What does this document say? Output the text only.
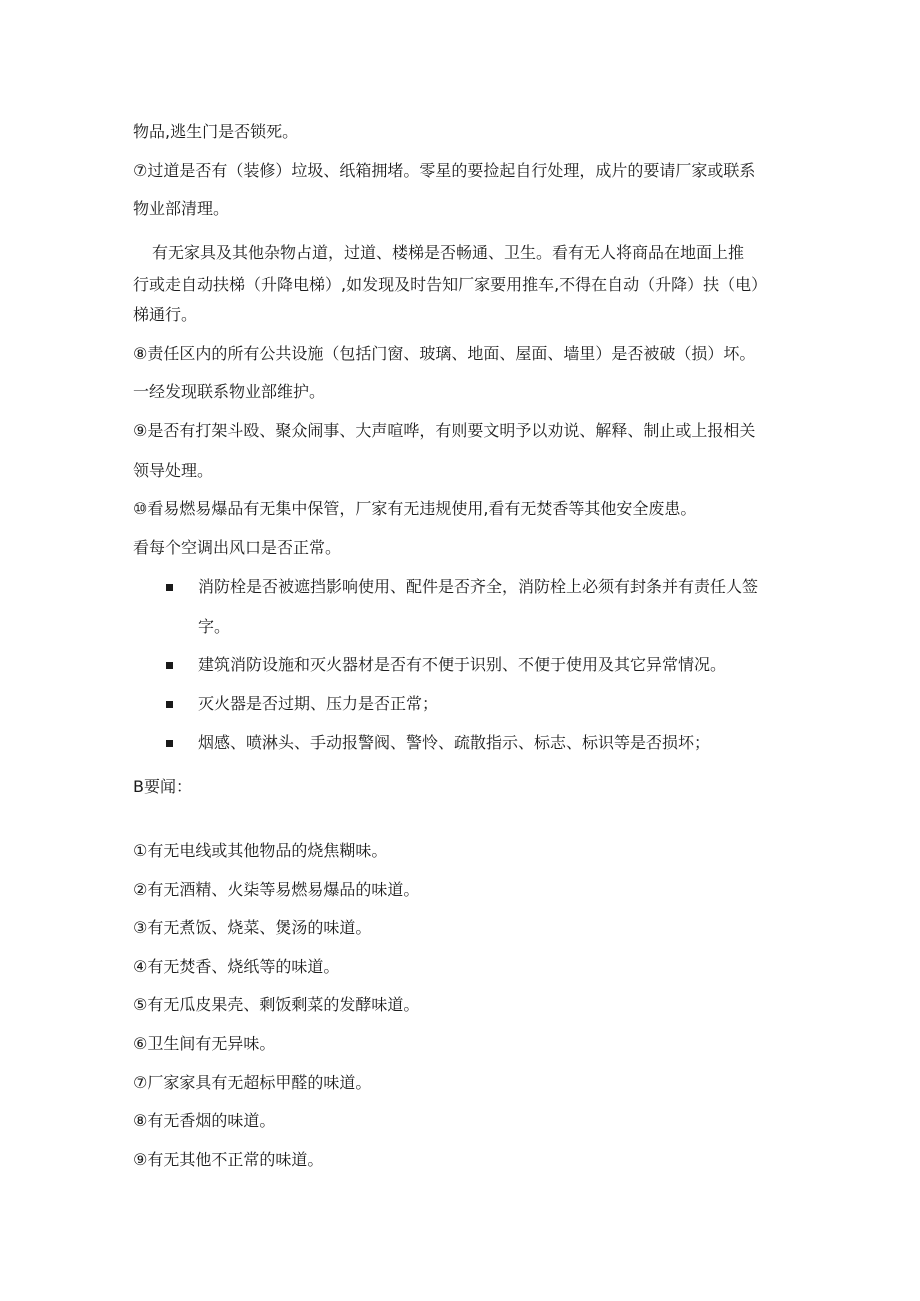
物品,逃生门是否锁死。
⑦过道是否有（装修）垃圾、纸箱拥堵。零星的要捡起自行处理，成片的要请厂家或联系
物业部清理。
有无家具及其他杂物占道，过道、楼梯是否畅通、卫生。看有无人将商品在地面上推
行或走自动扶梯（升降电梯）,如发现及时告知厂家要用推车,不得在自动（升降）扶（电）
梯通行。
⑧责任区内的所有公共设施（包括门窗、玻璃、地面、屋面、墙里）是否被破（损）坏。
一经发现联系物业部维护。
⑨是否有打架斗殴、聚众闹事、大声喧哗，有则要文明予以劝说、解释、制止或上报相关
领导处理。
⑩看易燃易爆品有无集中保管，厂家有无违规使用,看有无焚香等其他安全废患。
看每个空调出风口是否正常。
消防栓是否被遮挡影响使用、配件是否齐全，消防栓上必须有封条并有责任人签
字。
建筑消防设施和灭火器材是否有不便于识别、不便于使用及其它异常情况。
灭火器是否过期、压力是否正常；
烟感、喷淋头、手动报警阀、警怜、疏散指示、标志、标识等是否损坏；
B要闻：
①有无电线或其他物品的烧焦糊味。
②有无酒精、火柒等易燃易爆品的味道。
③有无煮饭、烧菜、煲汤的味道。
④有无焚香、烧纸等的味道。
⑤有无瓜皮果壳、剩饭剩菜的发酵味道。
⑥卫生间有无异味。
⑦厂家家具有无超标甲醛的味道。
⑧有无香烟的味道。
⑨有无其他不正常的味道。
